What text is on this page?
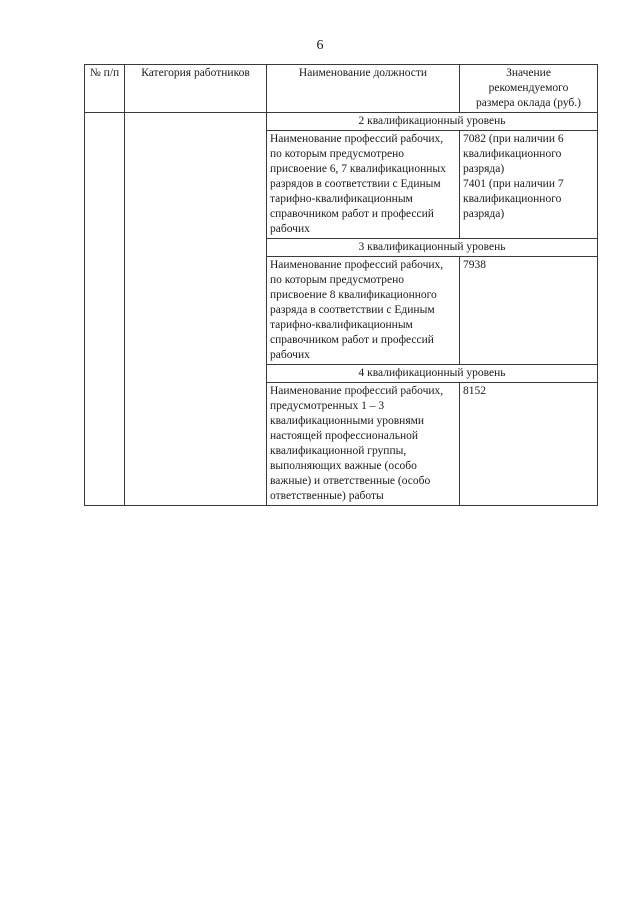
6
№ п/п	Категория работников	Наименование должности	Значение
рекомендуемого
размера оклада (руб.)

		2 квалификационный уровень	
		Наименование профессий рабочих, по которым предусмотрено присвоение 6, 7 квалификационных разрядов в соответствии с Единым тарифно-квалификационным справочником работ и профессий рабочих	7082 (при наличии 6 квалификационного разряда)
7401 (при наличии 7 квалификационного разряда)

		3 квалификационный уровень	
		Наименование профессий рабочих, по которым предусмотрено присвоение 8 квалификационного разряда в соответствии с Единым тарифно-квалификационным справочником работ и профессий рабочих	7938

		4 квалификационный уровень	
		Наименование профессий рабочих, предусмотренных 1 – 3 квалификационными уровнями настоящей профессиональной квалификационной группы, выполняющих важные (особо важные) и ответственные (особо ответственные) работы	8152
